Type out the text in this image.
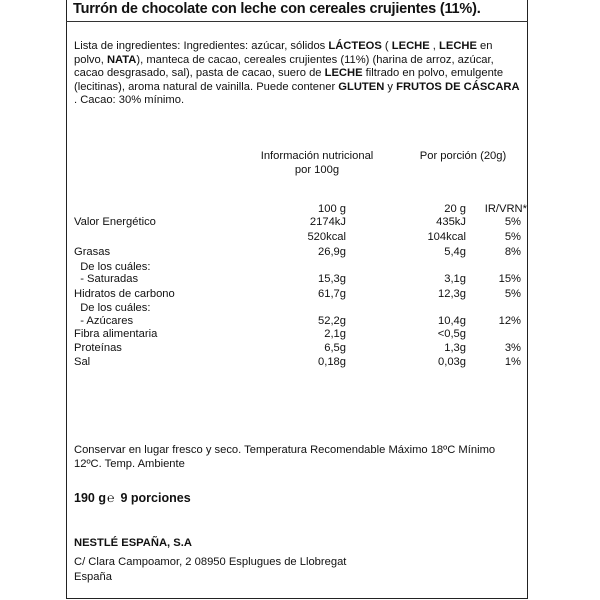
Turrón de chocolate con leche con cereales crujientes (11%).
Lista de ingredientes: Ingredientes: azúcar, sólidos LÁCTEOS ( LECHE , LECHE en polvo, NATA), manteca de cacao, cereales crujientes (11%) (harina de arroz, azúcar, cacao desgrasado, sal), pasta de cacao, suero de LECHE filtrado en polvo, emulgente (lecitinas), aroma natural de vainilla. Puede contener GLUTEN y FRUTOS DE CÁSCARA . Cacao: 30% mínimo.
Información nutricional
por 100g
Por porción (20g)
100 g	20 g	IR/VRN*
Valor Energético	2174kJ	435kJ	5%
520kcal	104kcal	5%
Grasas	26,9g	5,4g	8%
De los cuáles:
- Saturadas	15,3g	3,1g	15%
Hidratos de carbono	61,7g	12,3g	5%
De los cuáles:
- Azúcares	52,2g	10,4g	12%
Fibra alimentaria	2,1g	<0,5g
Proteínas	6,5g	1,3g	3%
Sal	0,18g	0,03g	1%
Conservar en lugar fresco y seco. Temperatura Recomendable Máximo 18ºC Mínimo 12ºC. Temp. Ambiente
190 g℮ 9 porciones
NESTLÉ ESPAÑA, S.A
C/ Clara Campoamor, 2 08950 Esplugues de Llobregat
España
